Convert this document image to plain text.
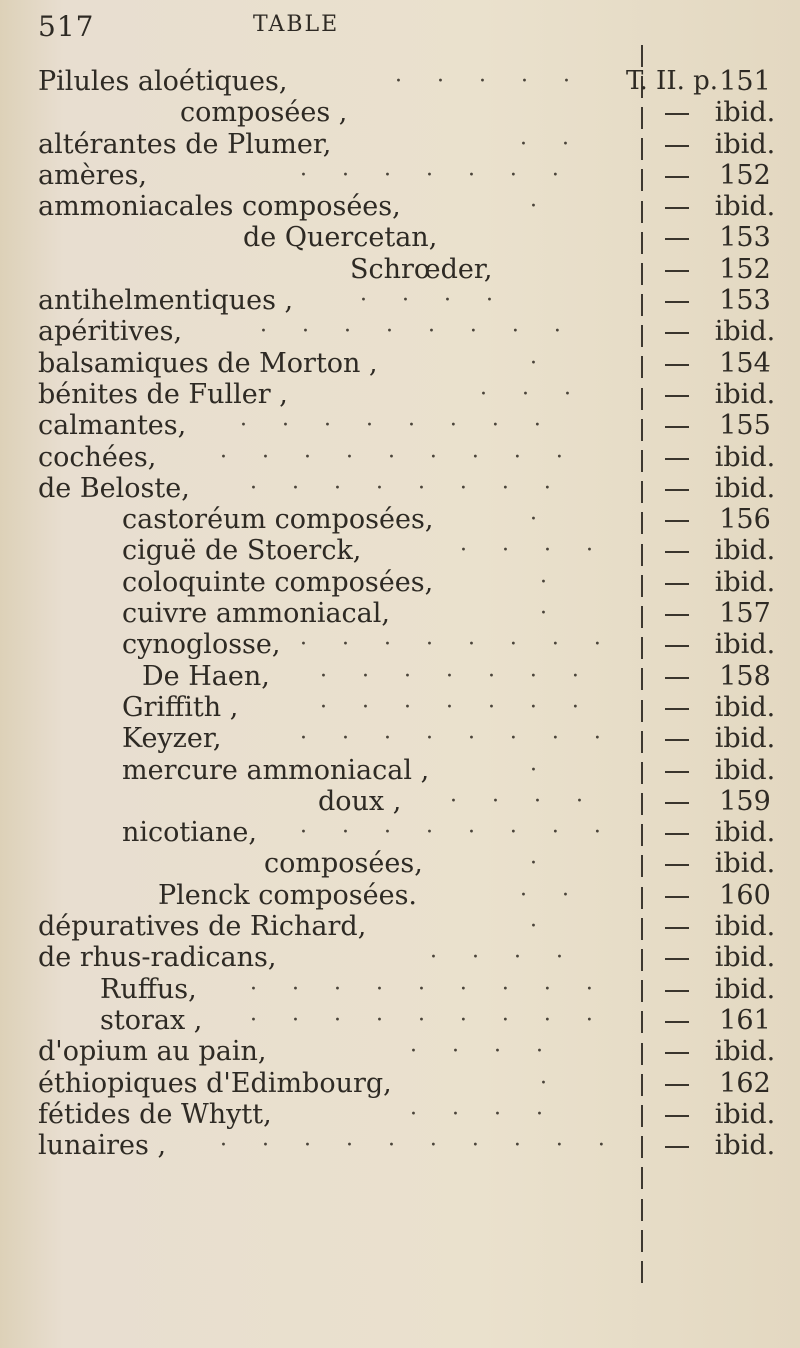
517	TABLE
Pilules aloétiques,	· · · · · T. II. p. 151
composées ,	ibid.
altérantes de Plumer,	· ·	ibid.
amères,	· · · · · · ·	152
ammoniacales composées,	·	ibid.
de Quercetan,	153
Schrœder,	152
antihelmentiques ,	· · · ·	153
apéritives,	· · · · · · · ·	ibid.
balsamiques de Morton ,	·	154
bénites de Fuller ,	· · ·	ibid.
calmantes, · · · · · · · ·	155
cochées,	· · · · · · · · ·	ibid.
de Beloste,	· · · · · · · ·	ibid.
castoréum composées,	·	156
ciguë de Stoerck,	· · · ·	ibid.
coloquinte composées,	·	ibid.
cuivre ammoniacal,	·	157
cynoglosse, · · · · · · · ·	ibid.
De Haen, · · · · · · ·	158
Griffith ,	· · · · · · ·	ibid.
Keyzer,	· · · · · · · ·	ibid.
mercure ammoniacal ,	·	ibid.
doux , · · · ·	159
nicotiane, · · · · · · · ·	ibid.
composées,	·	ibid.
Plenck composées.	· ·	160
dépuratives de Richard,	·	ibid.
de rhus-radicans,	· · · ·	ibid.
Ruffus, · · · · · · · · ·	ibid.
storax , · · · · · · · · ·	161
d'opium au pain,	· · · ·	ibid.
éthiopiques d'Edimbourg,	·	162
fétides de Whytt,	· · · ·	ibid.
lunaires , · · · · · · · · · ·	ibid.
